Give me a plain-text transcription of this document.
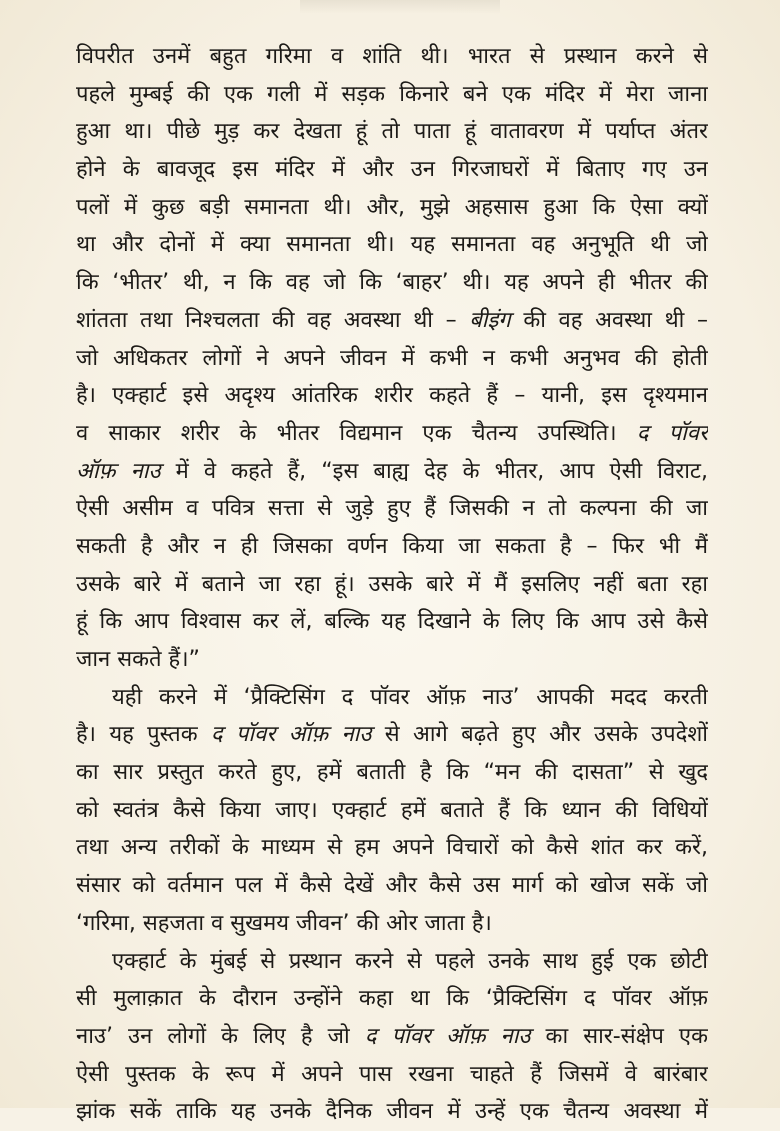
विपरीत उनमें बहुत गरिमा व शांति थी। भारत से प्रस्थान करने से
पहले मुम्बई की एक गली में सड़क किनारे बने एक मंदिर में मेरा जाना
हुआ था। पीछे मुड़ कर देखता हूं तो पाता हूं वातावरण में पर्याप्त अंतर
होने के बावजूद इस मंदिर में और उन गिरजाघरों में बिताए गए उन
पलों में कुछ बड़ी समानता थी। और, मुझे अहसास हुआ कि ऐसा क्यों
था और दोनों में क्या समानता थी। यह समानता वह अनुभूति थी जो
कि ‘भीतर’ थी, न कि वह जो कि ‘बाहर’ थी। यह अपने ही भीतर की
शांतता तथा निश्चलता की वह अवस्था थी – बीइंग की वह अवस्था थी –
जो अधिकतर लोगों ने अपने जीवन में कभी न कभी अनुभव की होती
है। एक्हार्ट इसे अदृश्य आंतरिक शरीर कहते हैं – यानी, इस दृश्यमान
व साकार शरीर के भीतर विद्यमान एक चैतन्य उपस्थिति। द पॉवर
ऑफ़ नाउ में वे कहते हैं, “इस बाह्य देह के भीतर, आप ऐसी विराट,
ऐसी असीम व पवित्र सत्ता से जुड़े हुए हैं जिसकी न तो कल्पना की जा
सकती है और न ही जिसका वर्णन किया जा सकता है – फिर भी मैं
उसके बारे में बताने जा रहा हूं। उसके बारे में मैं इसलिए नहीं बता रहा
हूं कि आप विश्वास कर लें, बल्कि यह दिखाने के लिए कि आप उसे कैसे
जान सकते हैं।”
यही करने में ‘प्रैक्टिसिंग द पॉवर ऑफ़ नाउ’ आपकी मदद करती
है। यह पुस्तक द पॉवर ऑफ़ नाउ से आगे बढ़ते हुए और उसके उपदेशों
का सार प्रस्तुत करते हुए, हमें बताती है कि “मन की दासता” से खुद
को स्वतंत्र कैसे किया जाए। एक्हार्ट हमें बताते हैं कि ध्यान की विधियों
तथा अन्य तरीकों के माध्यम से हम अपने विचारों को कैसे शांत कर करें,
संसार को वर्तमान पल में कैसे देखें और कैसे उस मार्ग को खोज सकें जो
‘गरिमा, सहजता व सुखमय जीवन’ की ओर जाता है।
एक्हार्ट के मुंबई से प्रस्थान करने से पहले उनके साथ हुई एक छोटी
सी मुलाक़ात के दौरान उन्होंने कहा था कि ‘प्रैक्टिसिंग द पॉवर ऑफ़
नाउ’ उन लोगों के लिए है जो द पॉवर ऑफ़ नाउ का सार-संक्षेप एक
ऐसी पुस्तक के रूप में अपने पास रखना चाहते हैं जिसमें वे बारंबार
झांक सकें ताकि यह उनके दैनिक जीवन में उन्हें एक चैतन्य अवस्था में
